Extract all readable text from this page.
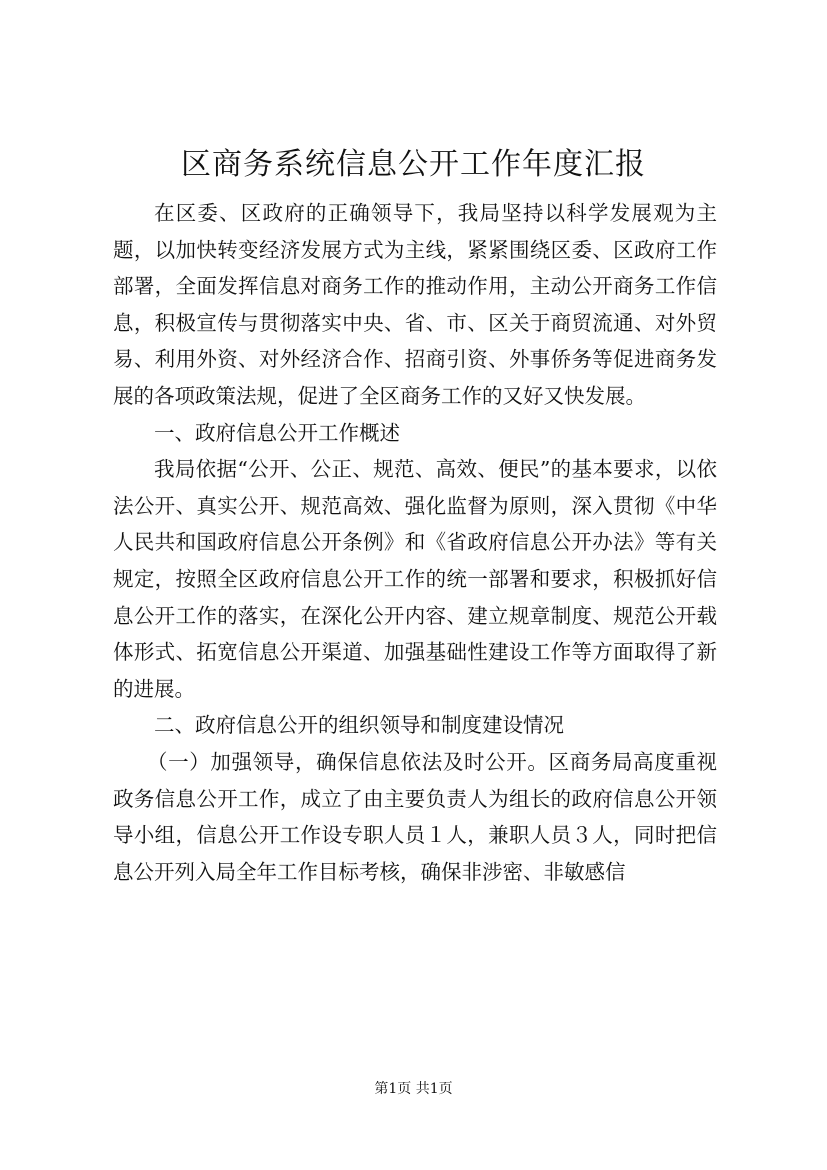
区商务系统信息公开工作年度汇报

在区委、区政府的正确领导下，我局坚持以科学发展观为主题，以加快转变经济发展方式为主线，紧紧围绕区委、区政府工作部署，全面发挥信息对商务工作的推动作用，主动公开商务工作信息，积极宣传与贯彻落实中央、省、市、区关于商贸流通、对外贸易、利用外资、对外经济合作、招商引资、外事侨务等促进商务发展的各项政策法规，促进了全区商务工作的又好又快发展。

一、政府信息公开工作概述

我局依据“公开、公正、规范、高效、便民”的基本要求，以依法公开、真实公开、规范高效、强化监督为原则，深入贯彻《中华人民共和国政府信息公开条例》和《省政府信息公开办法》等有关规定，按照全区政府信息公开工作的统一部署和要求，积极抓好信息公开工作的落实，在深化公开内容、建立规章制度、规范公开载体形式、拓宽信息公开渠道、加强基础性建设工作等方面取得了新的进展。

二、政府信息公开的组织领导和制度建设情况

（一）加强领导，确保信息依法及时公开。区商务局高度重视政务信息公开工作，成立了由主要负责人为组长的政府信息公开领导小组，信息公开工作设专职人员１人，兼职人员３人，同时把信息公开列入局全年工作目标考核，确保非涉密、非敏感信

第1页 共1页
